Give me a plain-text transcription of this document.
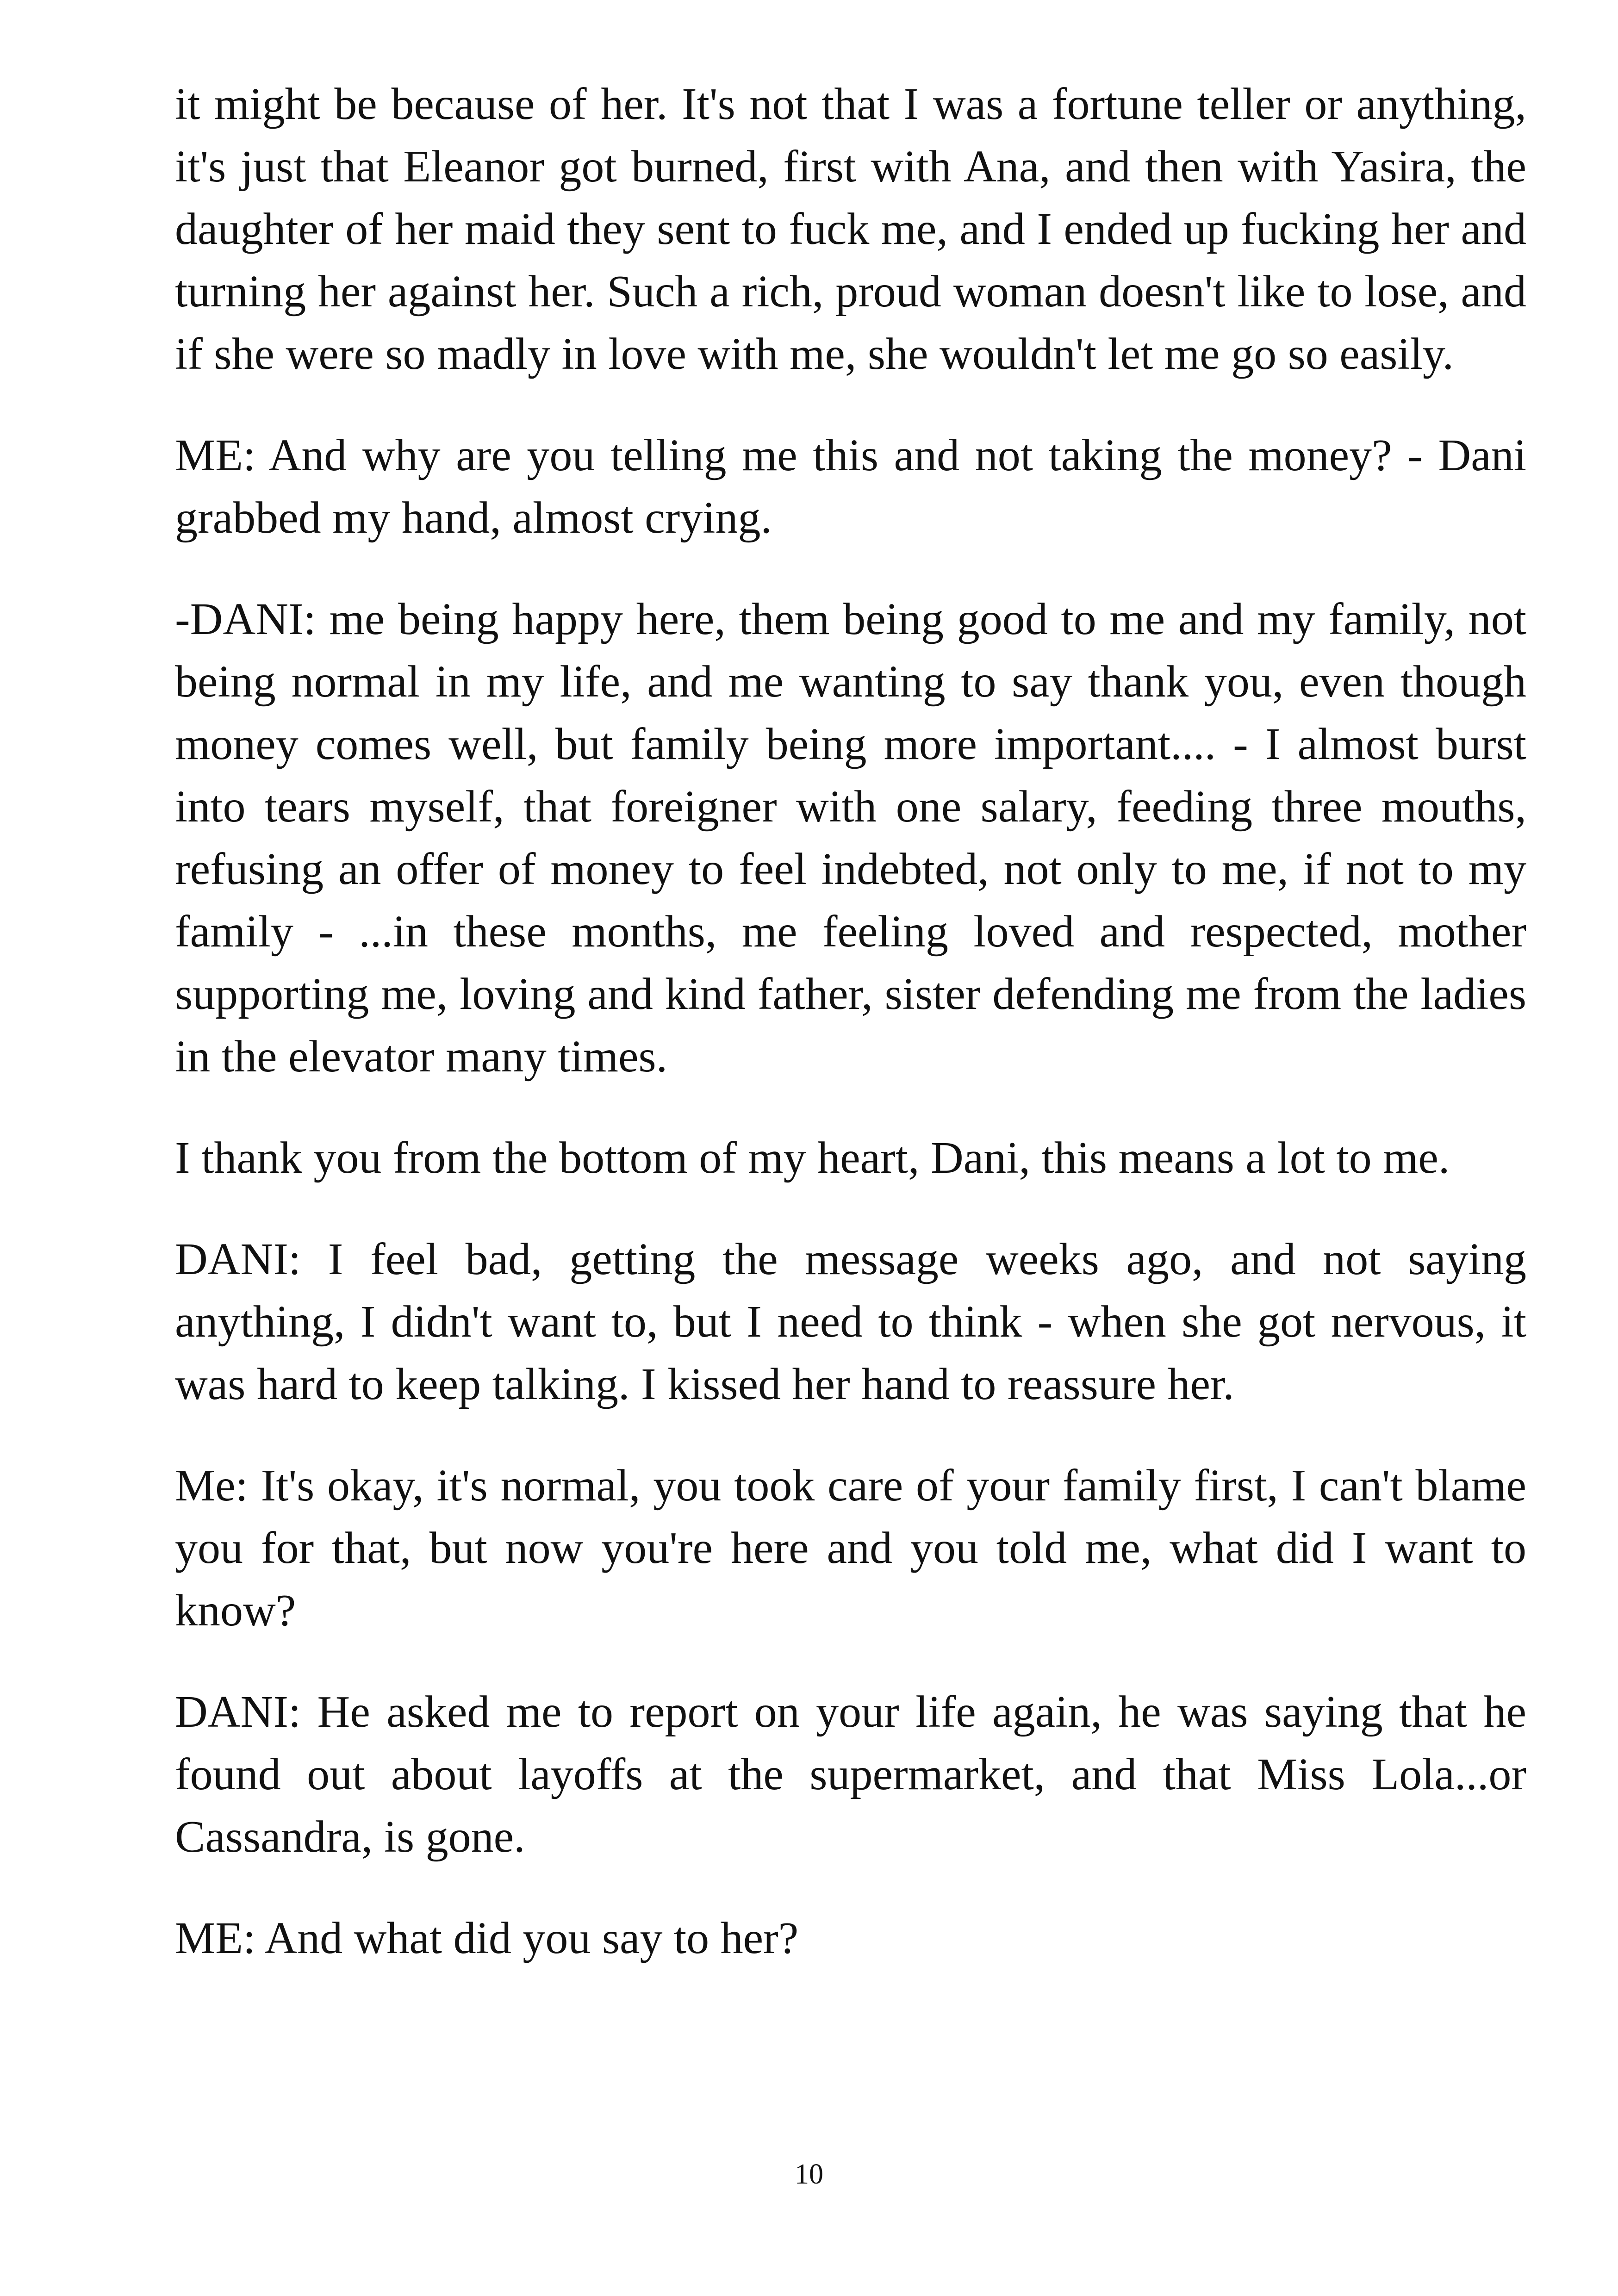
it might be because of her. It's not that I was a fortune teller or anything, it's just that Eleanor got burned, first with Ana, and then with Yasira, the daughter of her maid they sent to fuck me, and I ended up fucking her and turning her against her. Such a rich, proud woman doesn't like to lose, and if she were so madly in love with me, she wouldn't let me go so easily.

ME: And why are you telling me this and not taking the money? - Dani grabbed my hand, almost crying.

-DANI: me being happy here, them being good to me and my family, not being normal in my life, and me wanting to say thank you, even though money comes well, but family being more important.... - I almost burst into tears myself, that foreigner with one salary, feeding three mouths, refusing an offer of money to feel indebted, not only to me, if not to my family - ...in these months, me feeling loved and respected, mother supporting me, loving and kind father, sister defending me from the ladies in the elevator many times.

I thank you from the bottom of my heart, Dani, this means a lot to me.

DANI: I feel bad, getting the message weeks ago, and not saying anything, I didn't want to, but I need to think - when she got nervous, it was hard to keep talking. I kissed her hand to reassure her.

Me: It's okay, it's normal, you took care of your family first, I can't blame you for that, but now you're here and you told me, what did I want to know?

DANI: He asked me to report on your life again, he was saying that he found out about layoffs at the supermarket, and that Miss Lola...or Cassandra, is gone.

ME: And what did you say to her?

10
